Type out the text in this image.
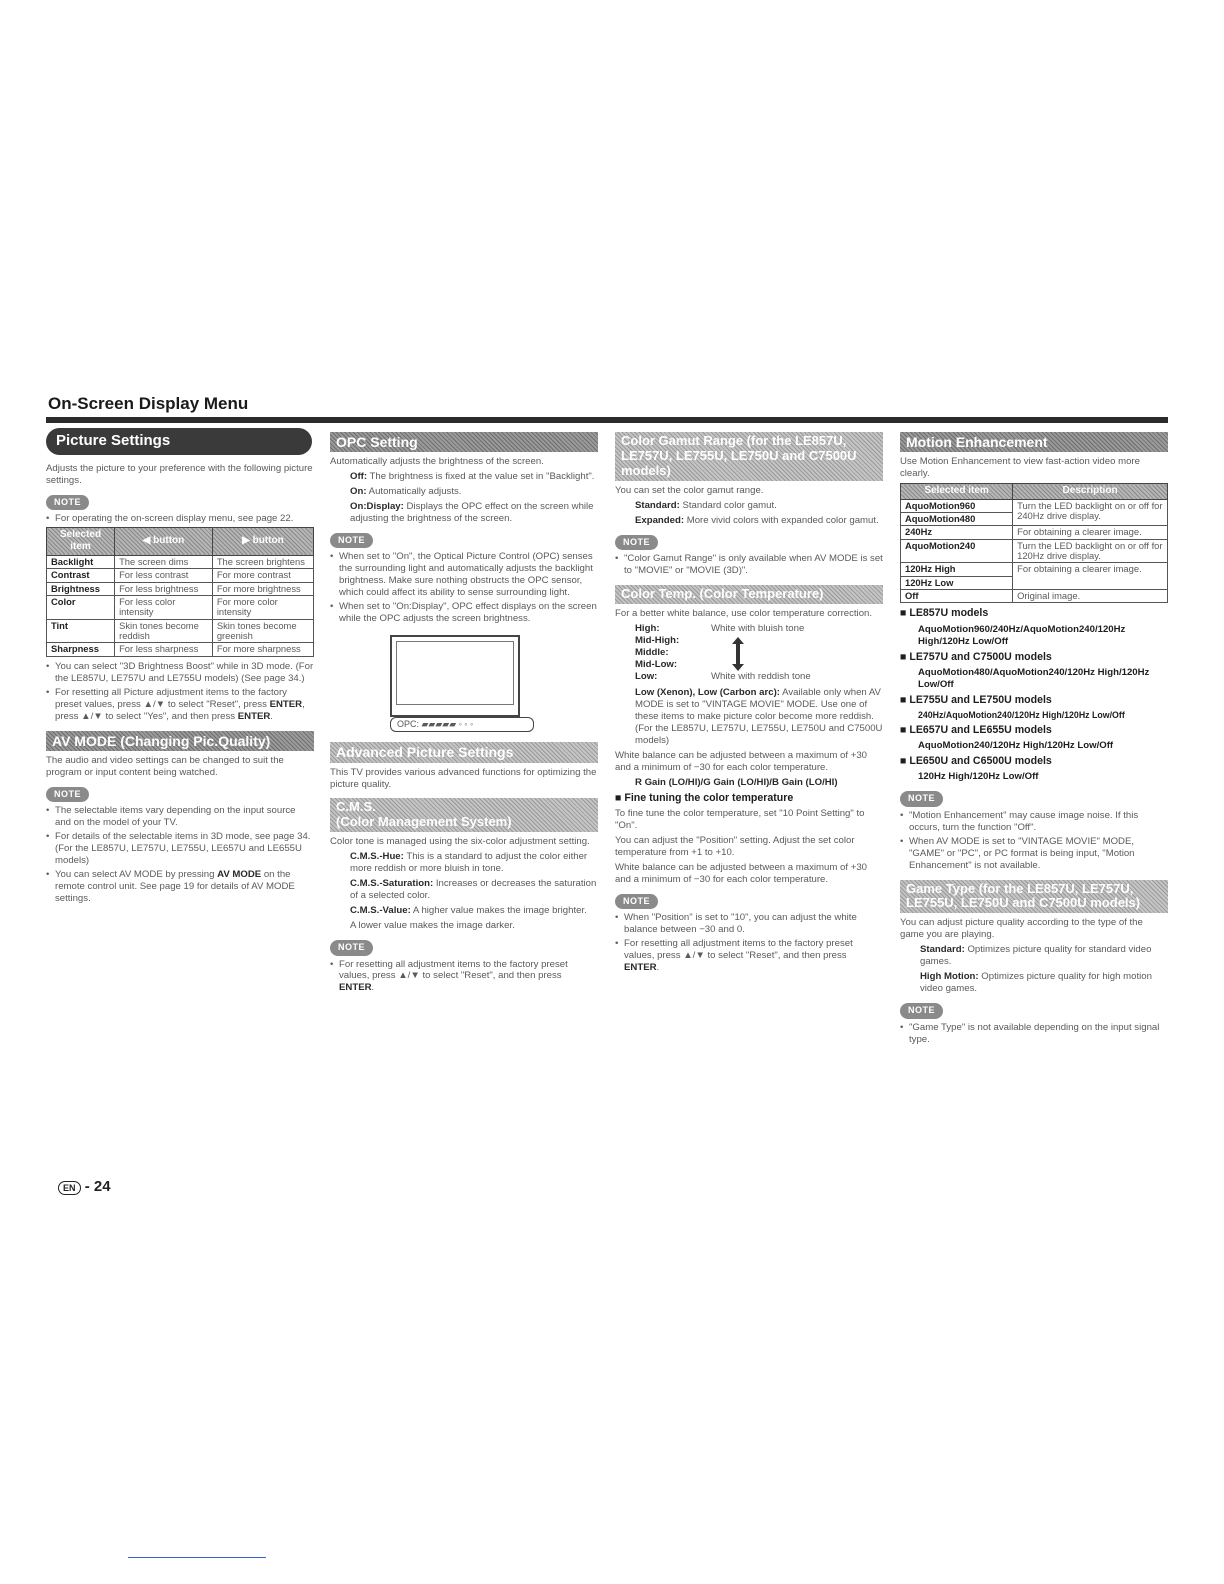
On-Screen Display Menu
Picture Settings

Adjusts the picture to your preference with the following picture settings.

NOTE
• For operating the on-screen display menu, see page 22.
Selected item	◀ button	▶ button
Backlight	The screen dims	The screen brightens
Contrast	For less contrast	For more contrast
Brightness	For less brightness	For more brightness
Color	For less color intensity	For more color intensity
Tint	Skin tones become reddish	Skin tones become greenish
Sharpness	For less sharpness	For more sharpness
• You can select "3D Brightness Boost" while in 3D mode. (For the LE857U, LE757U and LE755U models) (See page 34.)
• For resetting all Picture adjustment items to the factory preset values, press ▲/▼ to select "Reset", press ENTER, press ▲/▼ to select "Yes", and then press ENTER.
AV MODE (Changing Pic.Quality)

The audio and video settings can be changed to suit the program or input content being watched.

NOTE
• The selectable items vary depending on the input source and on the model of your TV.
• For details of the selectable items in 3D mode, see page 34. (For the LE857U, LE757U, LE755U, LE657U and LE655U models)
• You can select AV MODE by pressing AV MODE on the remote control unit. See page 19 for details of AV MODE settings.
OPC Setting

Automatically adjusts the brightness of the screen.

Off: The brightness is fixed at the value set in "Backlight".

On: Automatically adjusts.

On:Display: Displays the OPC effect on the screen while adjusting the brightness of the screen.

NOTE
• When set to "On", the Optical Picture Control (OPC) senses the surrounding light and automatically adjusts the backlight brightness. Make sure nothing obstructs the OPC sensor, which could affect its ability to sense surrounding light.
• When set to "On:Display", OPC effect displays on the screen while the OPC adjusts the screen brightness.
OPC: ▰▰▰▰▰ ◦ ◦ ◦
Advanced Picture Settings

This TV provides various advanced functions for optimizing the picture quality.

C.M.S.
(Color Management System)

Color tone is managed using the six-color adjustment setting.

C.M.S.-Hue: This is a standard to adjust the color either more reddish or more bluish in tone.

C.M.S.-Saturation: Increases or decreases the saturation of a selected color.

C.M.S.-Value: A higher value makes the image brighter.

A lower value makes the image darker.

NOTE
• For resetting all adjustment items to the factory preset values, press ▲/▼ to select "Reset", and then press ENTER.
Color Gamut Range (for the LE857U, LE757U, LE755U, LE750U and C7500U models)

You can set the color gamut range.

Standard: Standard color gamut.

Expanded: More vivid colors with expanded color gamut.

NOTE
• "Color Gamut Range" is only available when AV MODE is set to "MOVIE" or "MOVIE (3D)".
Color Temp. (Color Temperature)

For a better white balance, use color temperature correction.

High:	White with bluish tone
Mid-High:
Middle:
Mid-Low:
Low:	White with reddish tone

Low (Xenon), Low (Carbon arc): Available only when AV MODE is set to "VINTAGE MOVIE" MODE. Use one of these items to make picture color become more reddish. (For the LE857U, LE757U, LE755U, LE750U and C7500U models)

White balance can be adjusted between a maximum of +30 and a minimum of −30 for each color temperature.

R Gain (LO/HI)/G Gain (LO/HI)/B Gain (LO/HI)

■ Fine tuning the color temperature

To fine tune the color temperature, set "10 Point Setting" to "On".

You can adjust the "Position" setting. Adjust the set color temperature from +1 to +10.

White balance can be adjusted between a maximum of +30 and a minimum of −30 for each color temperature.

NOTE
• When "Position" is set to "10", you can adjust the white balance between −30 and 0.
• For resetting all adjustment items to the factory preset values, press ▲/▼ to select "Reset", and then press ENTER.
Motion Enhancement

Use Motion Enhancement to view fast-action video more clearly.

Selected item	Description
AquoMotion960	Turn the LED backlight on or off for 240Hz drive display.
AquoMotion480	
240Hz	For obtaining a clearer image.
AquoMotion240	Turn the LED backlight on or off for 120Hz drive display.
120Hz High	For obtaining a clearer image.
120Hz Low	
Off	Original image.

■ LE857U models

AquoMotion960/240Hz/AquoMotion240/120Hz High/120Hz Low/Off

■ LE757U and C7500U models

AquoMotion480/AquoMotion240/120Hz High/120Hz Low/Off

■ LE755U and LE750U models

240Hz/AquoMotion240/120Hz High/120Hz Low/Off

■ LE657U and LE655U models

AquoMotion240/120Hz High/120Hz Low/Off

■ LE650U and C6500U models

120Hz High/120Hz Low/Off

NOTE
• "Motion Enhancement" may cause image noise. If this occurs, turn the function "Off".
• When AV MODE is set to "VINTAGE MOVIE" MODE, "GAME" or "PC", or PC format is being input, "Motion Enhancement" is not available.
Game Type (for the LE857U, LE757U, LE755U, LE750U and C7500U models)

You can adjust picture quality according to the type of the game you are playing.

Standard: Optimizes picture quality for standard video games.

High Motion: Optimizes picture quality for high motion video games.

NOTE
• "Game Type" is not available depending on the input signal type.
EN - 24
